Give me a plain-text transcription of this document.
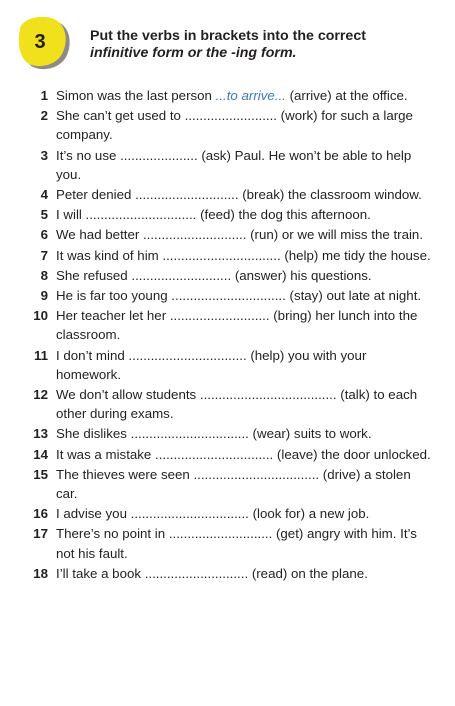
3	Put the verbs in brackets into the correct
infinitive form or the -ing form.
1 Simon was the last person ...to arrive... (arrive) at the office.
2 She can’t get used to ......................... (work) for such a large company.
3 It’s no use ..................... (ask) Paul. He won’t be able to help you.
4 Peter denied ............................ (break) the classroom window.
5 I will .............................. (feed) the dog this afternoon.
6 We had better ............................ (run) or we will miss the train.
7 It was kind of him ................................ (help) me tidy the house.
8 She refused ........................... (answer) his questions.
9 He is far too young ............................... (stay) out late at night.
10 Her teacher let her ........................... (bring) her lunch into the classroom.
11 I don’t mind ................................ (help) you with your homework.
12 We don’t allow students ..................................... (talk) to each other during exams.
13 She dislikes ................................ (wear) suits to work.
14 It was a mistake ................................ (leave) the door unlocked.
15 The thieves were seen .................................. (drive) a stolen car.
16 I advise you ................................ (look for) a new job.
17 There’s no point in ............................ (get) angry with him. It’s not his fault.
18 I’ll take a book ............................ (read) on the plane.
